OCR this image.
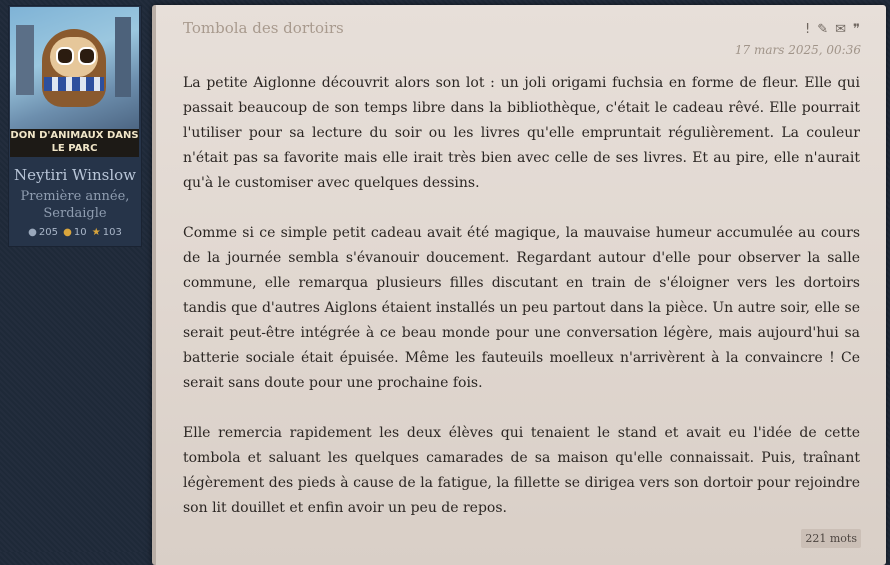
DON D'ANIMAUX DANS LE PARC
Neytiri Winslow
Première année,
Serdaigle
● 205 ● 10 ★ 103
Tombola des dortoirs	! ✎ ✉ ❞
17 mars 2025, 00:36

La petite Aiglonne découvrit alors son lot : un joli origami fuchsia en forme de fleur. Elle qui passait beaucoup de son temps libre dans la bibliothèque, c'était le cadeau rêvé. Elle pourrait l'utiliser pour sa lecture du soir ou les livres qu'elle empruntait régulièrement. La couleur n'était pas sa favorite mais elle irait très bien avec celle de ses livres. Et au pire, elle n'aurait qu'à le customiser avec quelques dessins.

Comme si ce simple petit cadeau avait été magique, la mauvaise humeur accumulée au cours de la journée sembla s'évanouir doucement. Regardant autour d'elle pour observer la salle commune, elle remarqua plusieurs filles discutant en train de s'éloigner vers les dortoirs tandis que d'autres Aiglons étaient installés un peu partout dans la pièce. Un autre soir, elle se serait peut-être intégrée à ce beau monde pour une conversation légère, mais aujourd'hui sa batterie sociale était épuisée. Même les fauteuils moelleux n'arrivèrent à la convaincre ! Ce serait sans doute pour une prochaine fois.

Elle remercia rapidement les deux élèves qui tenaient le stand et avait eu l'idée de cette tombola et saluant les quelques camarades de sa maison qu'elle connaissait. Puis, traînant légèrement des pieds à cause de la fatigue, la fillette se dirigea vers son dortoir pour rejoindre son lit douillet et enfin avoir un peu de repos.

221 mots
